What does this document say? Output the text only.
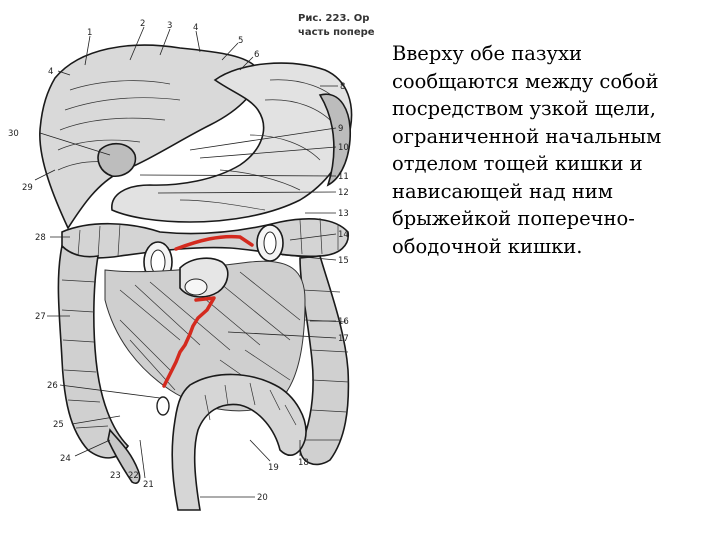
Рис. 223. Ор
часть попере
1
2	3 4
5
6
8
9
10
11
12
13
14
15
16
17
18
19
20
21
22
23
24
25
26
27
28
29
30
4
Вверху обе пазухи
сообщаются между собой
посредством узкой щели,
ограниченной начальным
отделом тощей кишки и
нависающей над ним
брыжейкой поперечно-
ободочной кишки.
